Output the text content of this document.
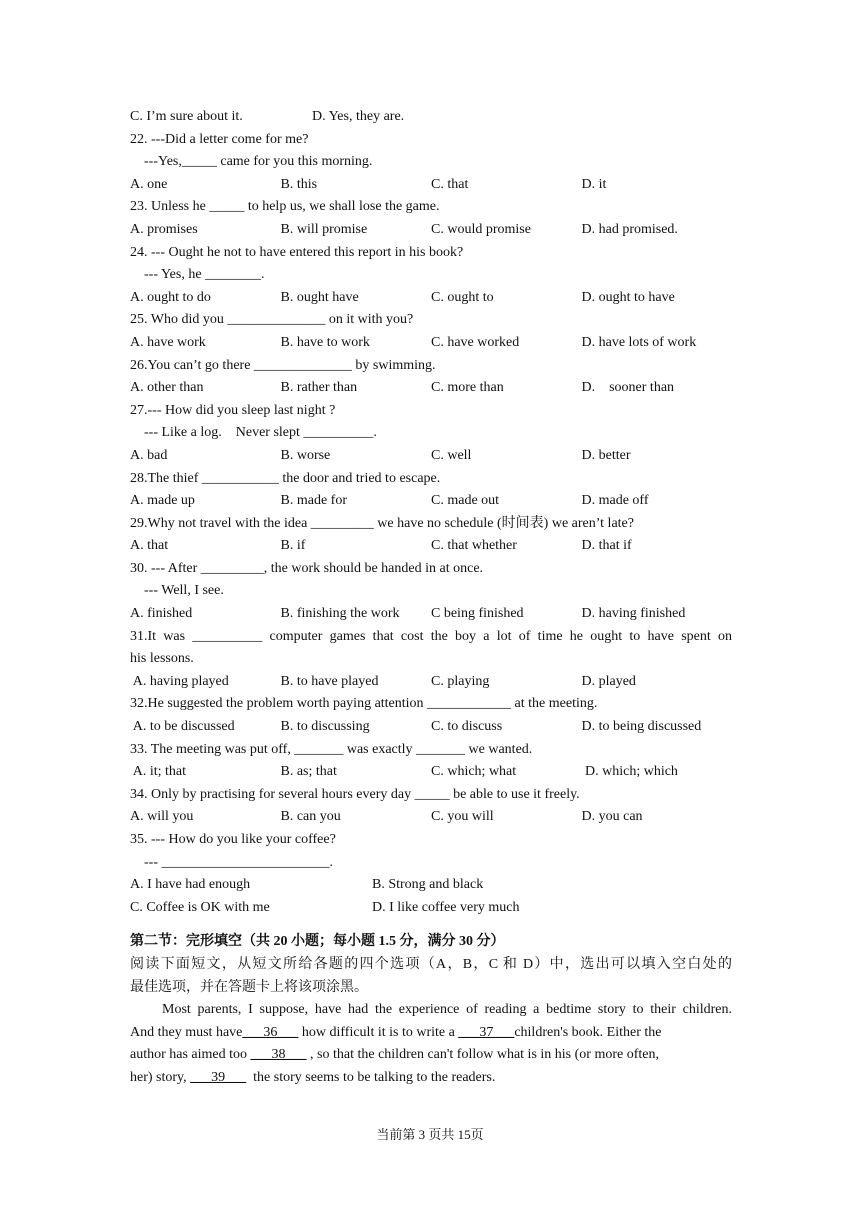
C. I’m sure about it.	D. Yes, they are.
22. ---Did a letter come for me?
---Yes,_____ came for you this morning.
A. one	B. this	C. that	D. it
23. Unless he _____ to help us, we shall lose the game.
A. promises	B. will promise	C. would promise	D. had promised.
24. --- Ought he not to have entered this report in his book?
--- Yes, he ________.
A. ought to do	B. ought have	C. ought to	D. ought to have
25. Who did you ______________ on it with you?
A. have work	B. have to work	C. have worked	D. have lots of work
26.You can’t go there ______________ by swimming.
A. other than	B. rather than	C. more than	D.    sooner than
27.--- How did you sleep last night ?
--- Like a log.    Never slept __________.
A. bad	B. worse	C. well	D. better
28.The thief ___________ the door and tried to escape.
A. made up	B. made for	C. made out	D. made off
29.Why not travel with the idea _________ we have no schedule (时间表) we aren’t late?
A. that	B. if	C. that whether	D. that if
30. --- After _________, the work should be handed in at once.
--- Well, I see.
A. finished	B. finishing the work	C being finished	D. having finished
31.It was __________ computer games that cost the boy a lot of time he ought to have spent on
his lessons.
A. having played	B. to have played	C. playing	D. played
32.He suggested the problem worth paying attention ____________ at the meeting.
A. to be discussed	B. to discussing	C. to discuss	D. to being discussed
33. The meeting was put off, _______ was exactly _______ we wanted.
A. it; that	B. as; that	C. which; what	D. which; which
34. Only by practising for several hours every day _____ be able to use it freely.
A. will you	B. can you	C. you will	D. you can
35. --- How do you like your coffee?
--- ________________________.
A. I have had enough	B. Strong and black
C. Coffee is OK with me	D. I like coffee very much
第二节：完形填空（共 20 小题；每小题 1.5 分，满分 30 分）
阅读下面短文，从短文所给各题的四个选项（A，B，C 和 D）中，选出可以填入空白处的
最佳选项，并在答题卡上将该项涂黑。
Most parents, I suppose, have had the experience of reading a bedtime story to their children.
And they must have___36___ how difficult it is to write a ___37___children's book. Either the
author has aimed too ___38___ , so that the children can't follow what is in his (or more often,
her) story, ___39___  the story seems to be talking to the readers.
当前第 3 页共 15页
